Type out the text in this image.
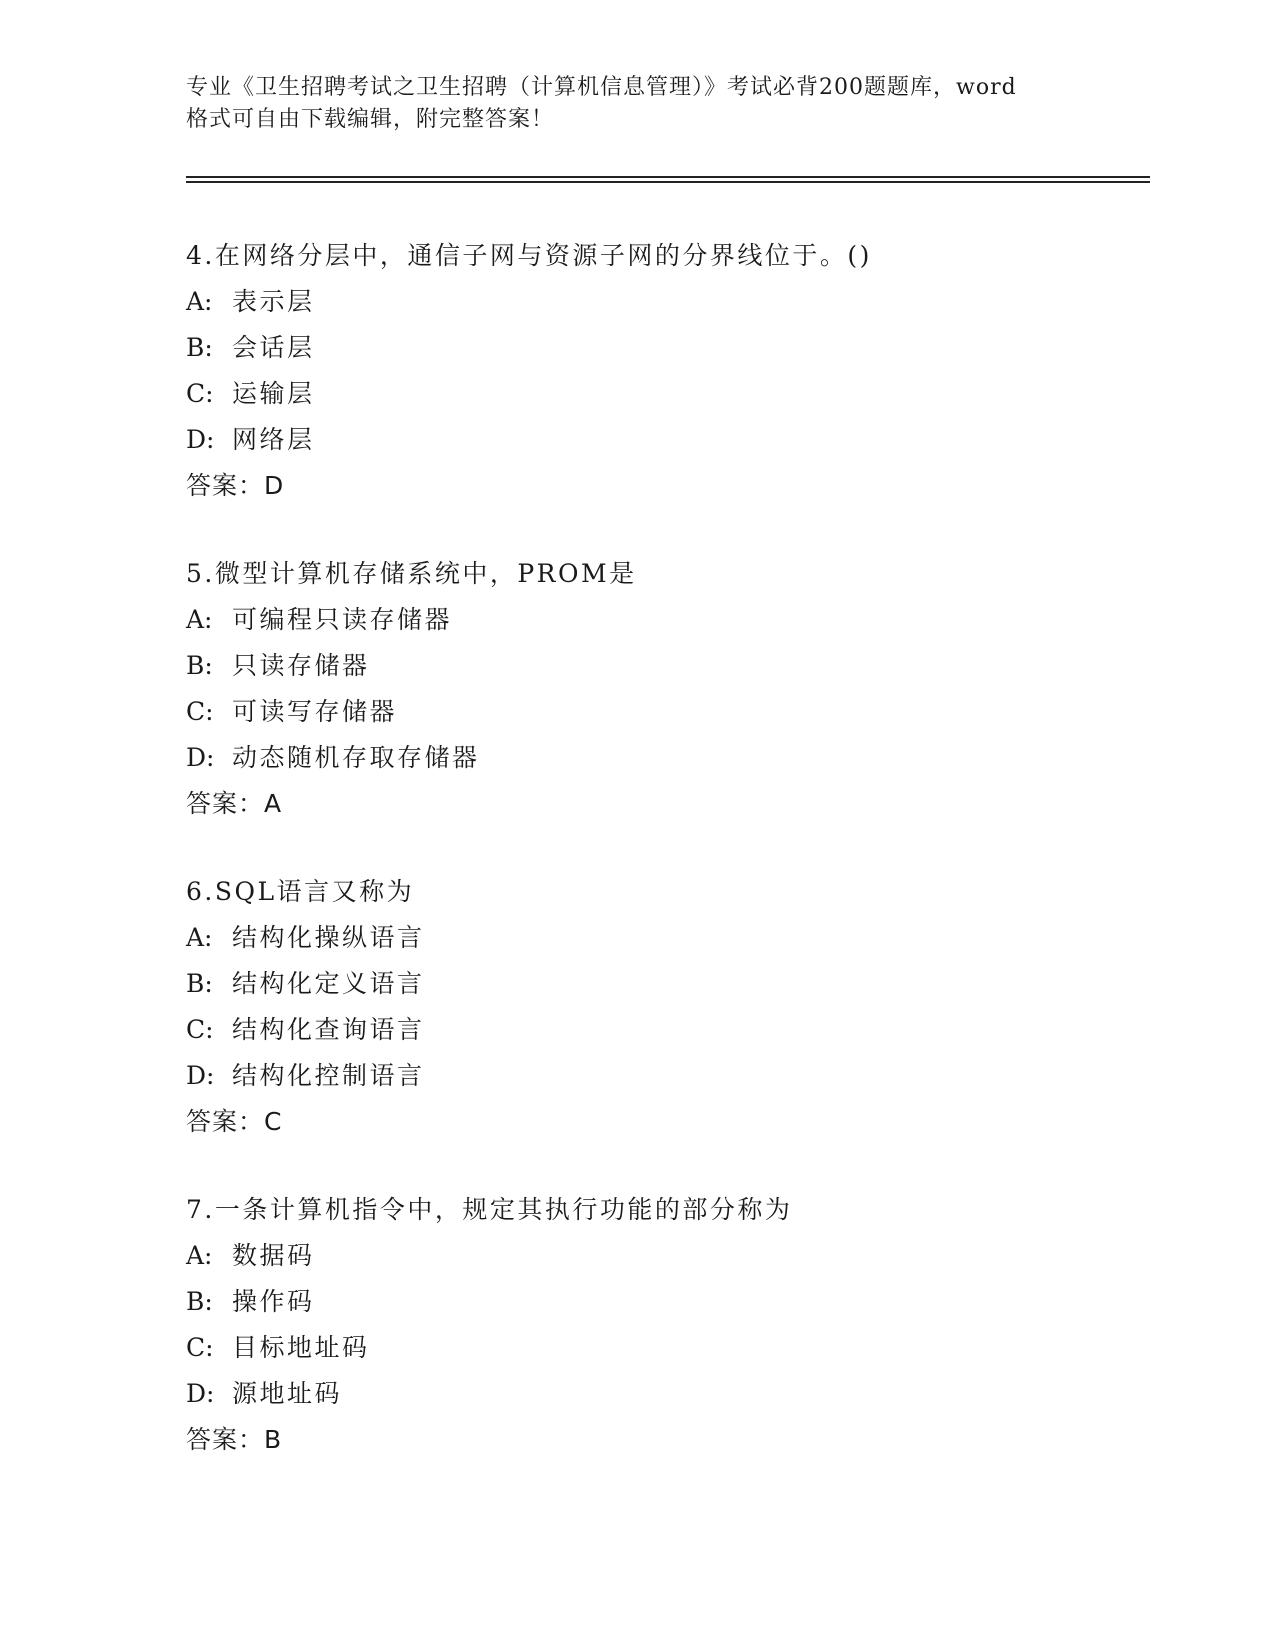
专业《卫生招聘考试之卫生招聘（计算机信息管理）》考试必背200题题库，word
格式可自由下载编辑，附完整答案！
4.在网络分层中，通信子网与资源子网的分界线位于。()
A: 表示层
B: 会话层
C: 运输层
D: 网络层
答案：D
5.微型计算机存储系统中，PROM是
A: 可编程只读存储器
B: 只读存储器
C: 可读写存储器
D: 动态随机存取存储器
答案：A
6.SQL语言又称为
A: 结构化操纵语言
B: 结构化定义语言
C: 结构化查询语言
D: 结构化控制语言
答案：C
7.一条计算机指令中，规定其执行功能的部分称为
A: 数据码
B: 操作码
C: 目标地址码
D: 源地址码
答案：B
